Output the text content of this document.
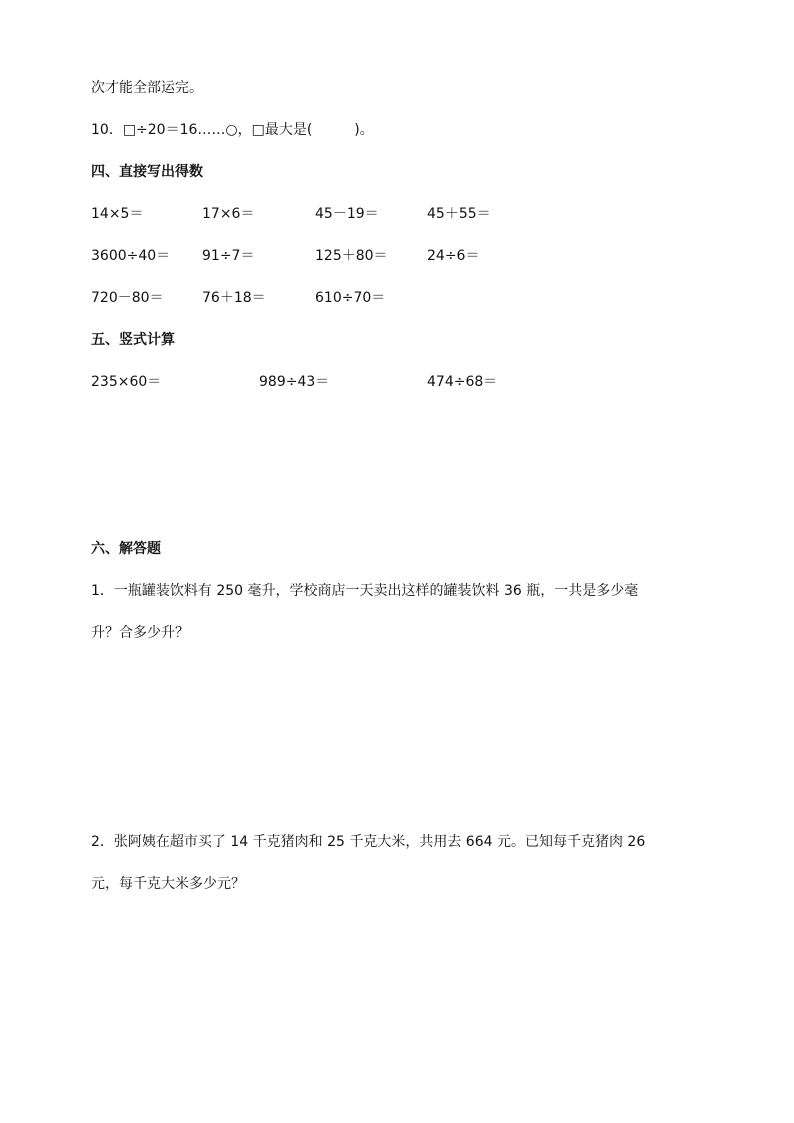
次才能全部运完。
10．□÷20＝16……○，□最大是(　　　)。
四、直接写出得数
14×5＝	17×6＝	45－19＝	45＋55＝
3600÷40＝ 91÷7＝	125＋80＝	24÷6＝
720－80＝	76＋18＝	610÷70＝
五、竖式计算
235×60＝	989÷43＝	474÷68＝
六、解答题
1．一瓶罐装饮料有 250 毫升，学校商店一天卖出这样的罐装饮料 36 瓶，一共是多少毫
升？合多少升？
2．张阿姨在超市买了 14 千克猪肉和 25 千克大米，共用去 664 元。已知每千克猪肉 26
元，每千克大米多少元？
